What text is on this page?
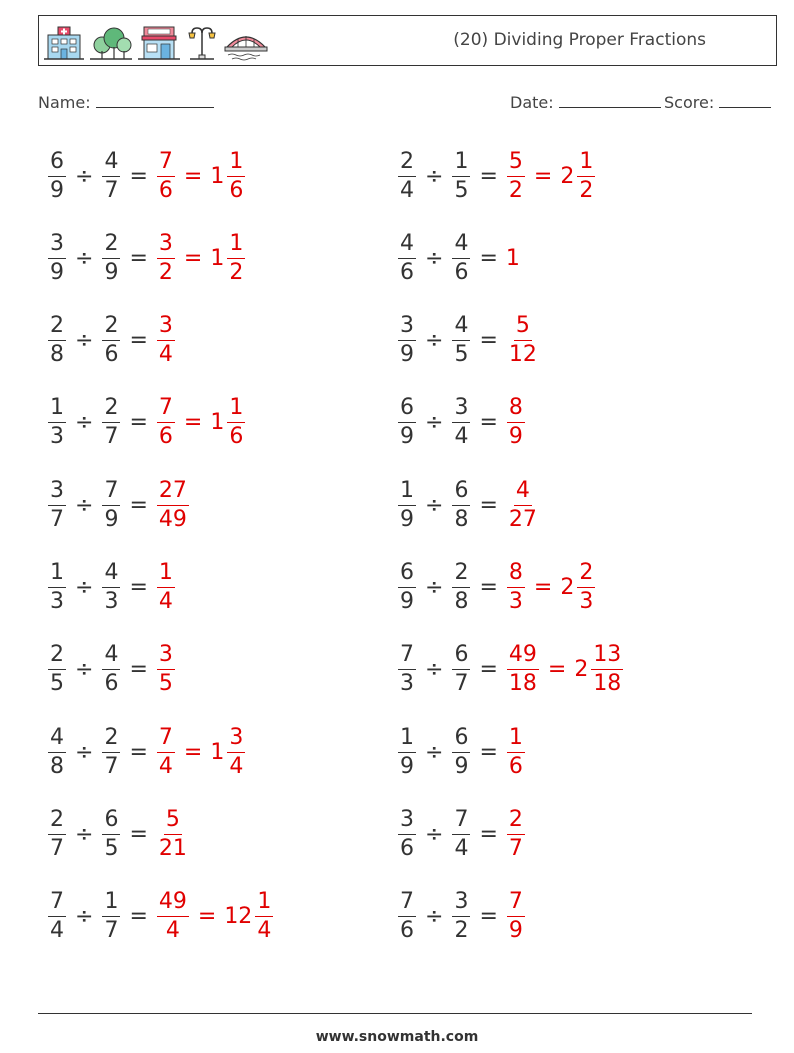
(20) Dividing Proper Fractions
Name:	Date:	Score:
$\frac{6}{9} \div \frac{4}{7} = \frac{7}{6} = 1 \frac{1}{6}$	$\frac{2}{4} \div \frac{1}{5} = \frac{5}{2} = 2 \frac{1}{2}$
$\frac{3}{9} \div \frac{2}{9} = \frac{3}{2} = 1 \frac{1}{2}$	$\frac{4}{6} \div \frac{4}{6} = 1$
$\frac{2}{8} \div \frac{2}{6} = \frac{3}{4}$	$\frac{3}{9} \div \frac{4}{5} = \frac{5}{12}$
$\frac{1}{3} \div \frac{2}{7} = \frac{7}{6} = 1 \frac{1}{6}$	$\frac{6}{9} \div \frac{3}{4} = \frac{8}{9}$
$\frac{3}{7} \div \frac{7}{9} = \frac{27}{49}$	$\frac{1}{9} \div \frac{6}{8} = \frac{4}{27}$
$\frac{1}{3} \div \frac{4}{3} = \frac{1}{4}$	$\frac{6}{9} \div \frac{2}{8} = \frac{8}{3} = 2 \frac{2}{3}$
$\frac{2}{5} \div \frac{4}{6} = \frac{3}{5}$	$\frac{7}{3} \div \frac{6}{7} = \frac{49}{18} = 2 \frac{13}{18}$
$\frac{4}{8} \div \frac{2}{7} = \frac{7}{4} = 1 \frac{3}{4}$	$\frac{1}{9} \div \frac{6}{9} = \frac{1}{6}$
$\frac{2}{7} \div \frac{6}{5} = \frac{5}{21}$	$\frac{3}{6} \div \frac{7}{4} = \frac{2}{7}$
$\frac{7}{4} \div \frac{1}{7} = \frac{49}{4} = 12 \frac{1}{4}$	$\frac{7}{6} \div \frac{3}{2} = \frac{7}{9}$
www.snowmath.com
